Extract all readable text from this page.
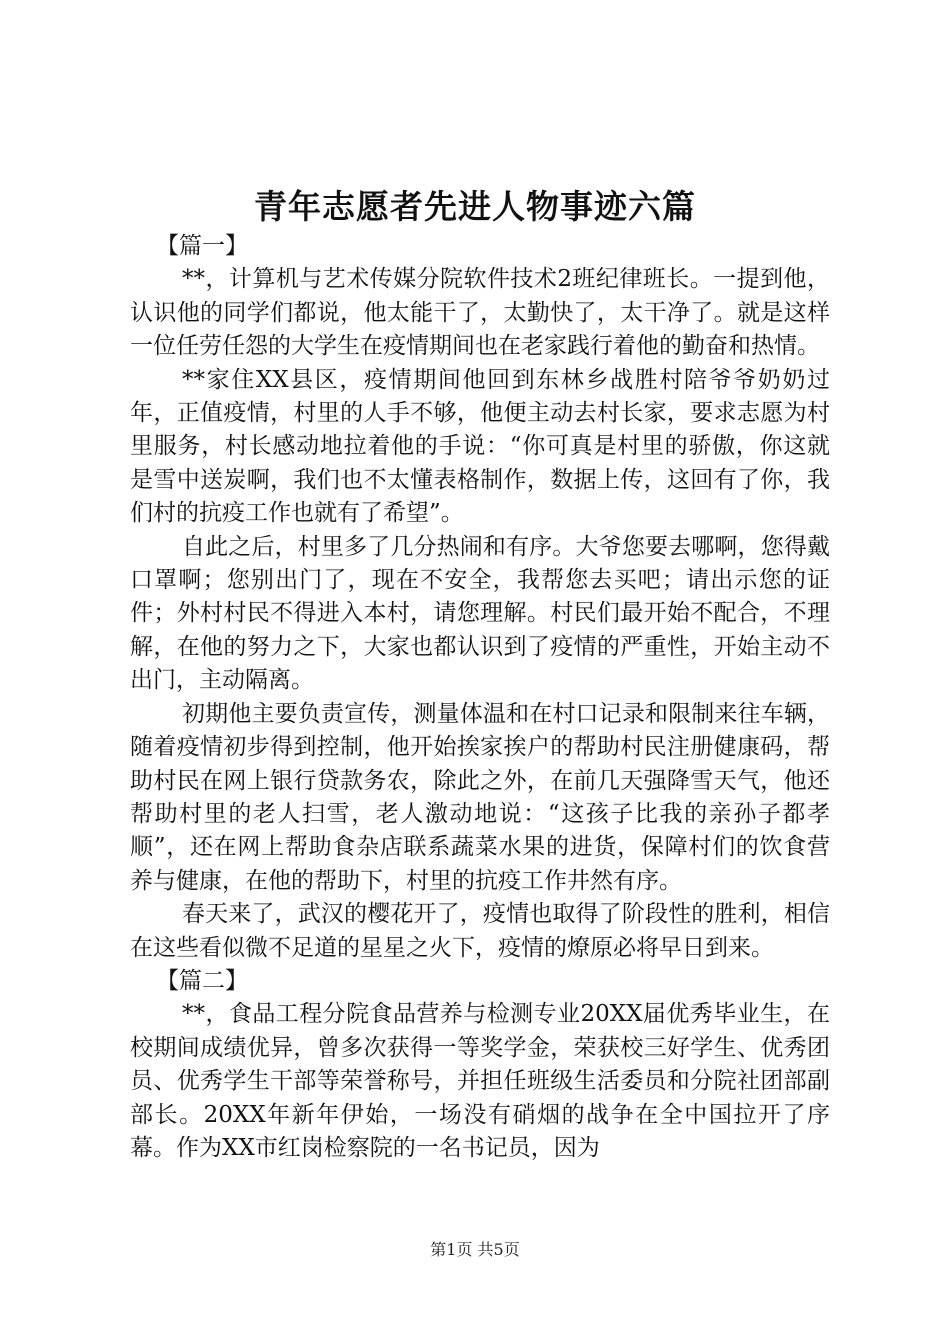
青年志愿者先进人物事迹六篇
【篇一】

**，计算机与艺术传媒分院软件技术2班纪律班长。一提到他，认识他的同学们都说，他太能干了，太勤快了，太干净了。就是这样一位任劳任怨的大学生在疫情期间也在老家践行着他的勤奋和热情。

**家住XX县区，疫情期间他回到东林乡战胜村陪爷爷奶奶过年，正值疫情，村里的人手不够，他便主动去村长家，要求志愿为村里服务，村长感动地拉着他的手说：“你可真是村里的骄傲，你这就是雪中送炭啊，我们也不太懂表格制作，数据上传，这回有了你，我们村的抗疫工作也就有了希望”。

自此之后，村里多了几分热闹和有序。大爷您要去哪啊，您得戴口罩啊；您别出门了，现在不安全，我帮您去买吧；请出示您的证件；外村村民不得进入本村，请您理解。村民们最开始不配合，不理解，在他的努力之下，大家也都认识到了疫情的严重性，开始主动不出门，主动隔离。

初期他主要负责宣传，测量体温和在村口记录和限制来往车辆，随着疫情初步得到控制，他开始挨家挨户的帮助村民注册健康码，帮助村民在网上银行贷款务农，除此之外，在前几天强降雪天气，他还帮助村里的老人扫雪，老人激动地说：“这孩子比我的亲孙子都孝顺”，还在网上帮助食杂店联系蔬菜水果的进货，保障村们的饮食营养与健康，在他的帮助下，村里的抗疫工作井然有序。

春天来了，武汉的樱花开了，疫情也取得了阶段性的胜利，相信在这些看似微不足道的星星之火下，疫情的燎原必将早日到来。

【篇二】

**，食品工程分院食品营养与检测专业20XX届优秀毕业生，在校期间成绩优异，曾多次获得一等奖学金，荣获校三好学生、优秀团员、优秀学生干部等荣誉称号，并担任班级生活委员和分院社团部副部长。20XX年新年伊始，一场没有硝烟的战争在全中国拉开了序幕。作为XX市红岗检察院的一名书记员，因为

第1页 共5页
